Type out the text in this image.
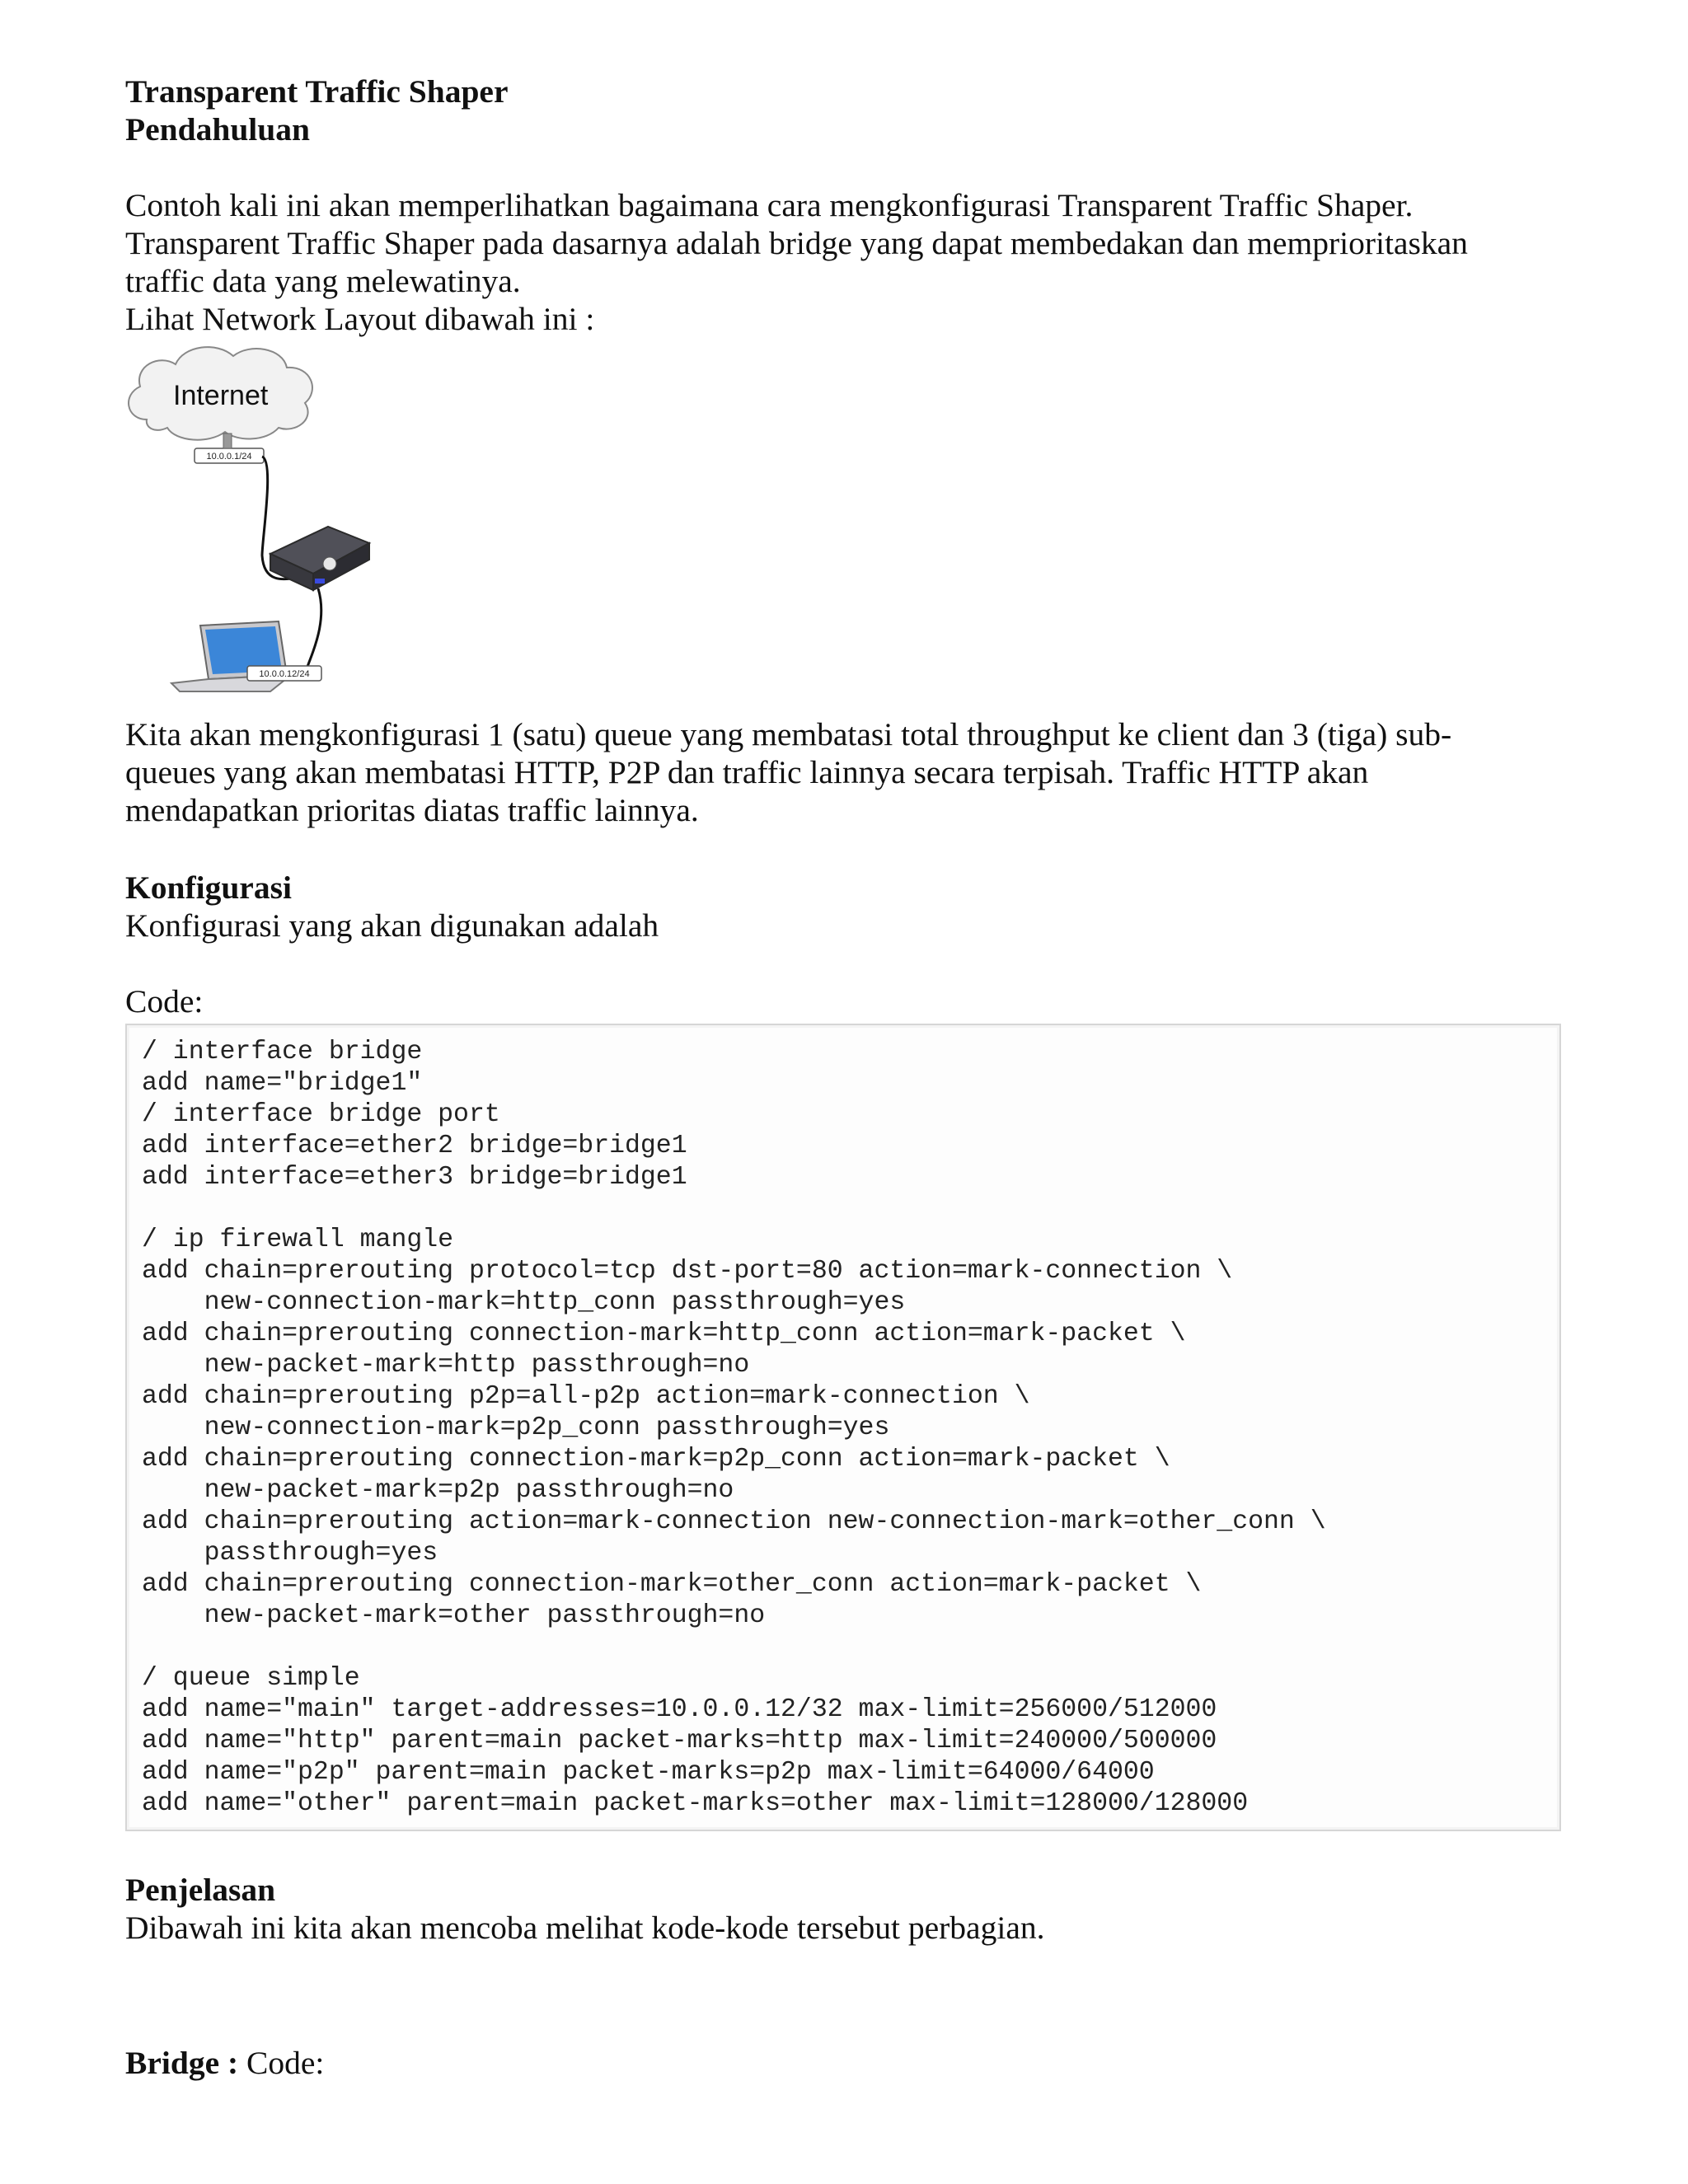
Transparent Traffic Shaper
Pendahuluan
Contoh kali ini akan memperlihatkan bagaimana cara mengkonfigurasi Transparent Traffic Shaper.
Transparent Traffic Shaper pada dasarnya adalah bridge yang dapat membedakan dan memprioritaskan
traffic data yang melewatinya.
Lihat Network Layout dibawah ini :
Internet
10.0.0.1/24
10.0.0.12/24
Kita akan mengkonfigurasi 1 (satu) queue yang membatasi total throughput ke client dan 3 (tiga) sub-
queues yang akan membatasi HTTP, P2P dan traffic lainnya secara terpisah. Traffic HTTP akan
mendapatkan prioritas diatas traffic lainnya.
Konfigurasi
Konfigurasi yang akan digunakan adalah
Code:
/ interface bridge
add name="bridge1"
/ interface bridge port
add interface=ether2 bridge=bridge1
add interface=ether3 bridge=bridge1

/ ip firewall mangle
add chain=prerouting protocol=tcp dst-port=80 action=mark-connection \
new-connection-mark=http_conn passthrough=yes
add chain=prerouting connection-mark=http_conn action=mark-packet \
new-packet-mark=http passthrough=no
add chain=prerouting p2p=all-p2p action=mark-connection \
new-connection-mark=p2p_conn passthrough=yes
add chain=prerouting connection-mark=p2p_conn action=mark-packet \
new-packet-mark=p2p passthrough=no
add chain=prerouting action=mark-connection new-connection-mark=other_conn \
passthrough=yes
add chain=prerouting connection-mark=other_conn action=mark-packet \
new-packet-mark=other passthrough=no

/ queue simple
add name="main" target-addresses=10.0.0.12/32 max-limit=256000/512000
add name="http" parent=main packet-marks=http max-limit=240000/500000
add name="p2p" parent=main packet-marks=p2p max-limit=64000/64000
add name="other" parent=main packet-marks=other max-limit=128000/128000
Penjelasan
Dibawah ini kita akan mencoba melihat kode-kode tersebut perbagian.
Bridge : Code:
